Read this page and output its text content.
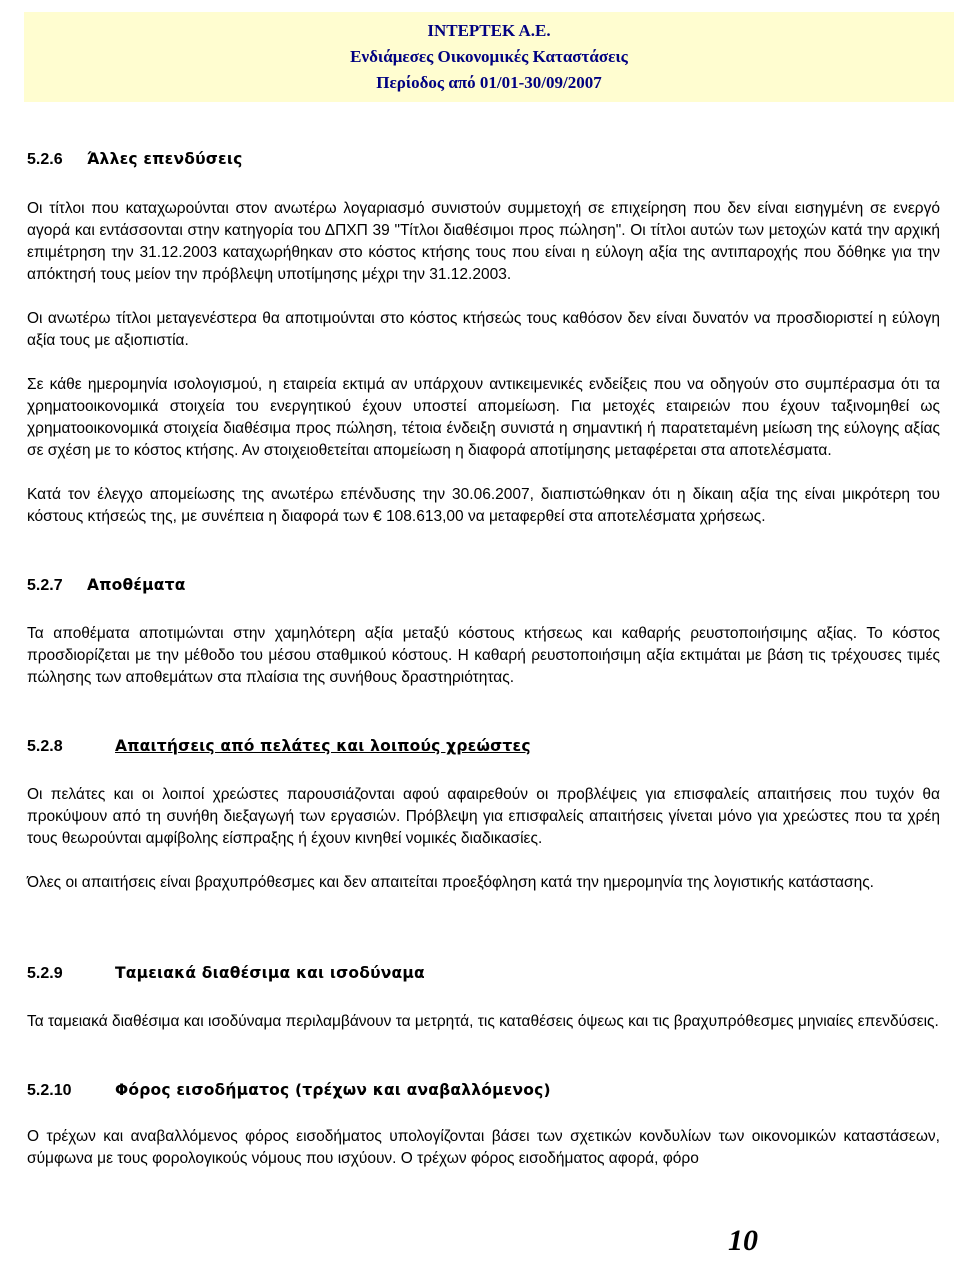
INTEPTEK A.E.
Ενδιάμεσες Οικονομικές Καταστάσεις
Περίοδος από 01/01-30/09/2007
5.2.6	Άλλες επενδύσεις

Οι τίτλοι που καταχωρούνται στον ανωτέρω λογαριασμό συνιστούν συμμετοχή σε επιχείρηση που δεν είναι εισηγμένη σε ενεργό αγορά και εντάσσονται στην κατηγορία του ΔΠΧΠ 39 "Τίτλοι διαθέσιμοι προς πώληση". Οι τίτλοι αυτών των μετοχών κατά την αρχική επιμέτρηση την 31.12.2003 καταχωρήθηκαν στο κόστος κτήσης τους που είναι η εύλογη αξία της αντιπαροχής που δόθηκε για την απόκτησή τους μείον την πρόβλεψη υποτίμησης μέχρι την 31.12.2003.

Οι ανωτέρω τίτλοι μεταγενέστερα θα αποτιμούνται στο κόστος κτήσεώς τους καθόσον δεν είναι δυνατόν να προσδιοριστεί η εύλογη αξία τους με αξιοπιστία.

Σε κάθε ημερομηνία ισολογισμού, η εταιρεία εκτιμά αν υπάρχουν αντικειμενικές ενδείξεις που να οδηγούν στο συμπέρασμα ότι τα χρηματοοικονομικά στοιχεία του ενεργητικού έχουν υποστεί απομείωση. Για μετοχές εταιρειών που έχουν ταξινομηθεί ως χρηματοοικονομικά στοιχεία διαθέσιμα προς πώληση, τέτοια ένδειξη συνιστά η σημαντική ή παρατεταμένη μείωση της εύλογης αξίας σε σχέση με το κόστος κτήσης. Αν στοιχειοθετείται απομείωση η διαφορά αποτίμησης μεταφέρεται στα αποτελέσματα.

Κατά τον έλεγχο απομείωσης της ανωτέρω επένδυσης την 30.06.2007, διαπιστώθηκαν ότι η δίκαιη αξία της είναι μικρότερη του κόστους κτήσεώς της, με συνέπεια η διαφορά των € 108.613,00 να μεταφερθεί στα αποτελέσματα χρήσεως.

5.2.7	Αποθέματα

Τα αποθέματα αποτιμώνται στην χαμηλότερη αξία μεταξύ κόστους κτήσεως και καθαρής ρευστοποιήσιμης αξίας. Το κόστος προσδιορίζεται με την μέθοδο του μέσου σταθμικού κόστους. Η καθαρή ρευστοποιήσιμη αξία εκτιμάται με βάση τις τρέχουσες τιμές πώλησης των αποθεμάτων στα πλαίσια της συνήθους δραστηριότητας.

5.2.8	Απαιτήσεις από πελάτες και λοιπούς χρεώστες

Οι πελάτες και οι λοιποί χρεώστες παρουσιάζονται αφού αφαιρεθούν οι προβλέψεις για επισφαλείς απαιτήσεις που τυχόν θα προκύψουν από τη συνήθη διεξαγωγή των εργασιών. Πρόβλεψη για επισφαλείς απαιτήσεις γίνεται μόνο για χρεώστες που τα χρέη τους θεωρούνται αμφίβολης είσπραξης ή έχουν κινηθεί νομικές διαδικασίες.

Όλες οι απαιτήσεις είναι βραχυπρόθεσμες και δεν απαιτείται προεξόφληση κατά την ημερομηνία της λογιστικής κατάστασης.

5.2.9	Ταμειακά διαθέσιμα και ισοδύναμα

Τα ταμειακά διαθέσιμα και ισοδύναμα περιλαμβάνουν τα μετρητά, τις καταθέσεις όψεως και τις βραχυπρόθεσμες μηνιαίες επενδύσεις.

5.2.10	Φόρος εισοδήματος (τρέχων και αναβαλλόμενος)

Ο τρέχων και αναβαλλόμενος φόρος εισοδήματος υπολογίζονται βάσει των σχετικών κονδυλίων των οικονομικών καταστάσεων, σύμφωνα με τους φορολογικούς νόμους που ισχύουν. Ο τρέχων φόρος εισοδήματος αφορά, φόρο

10
